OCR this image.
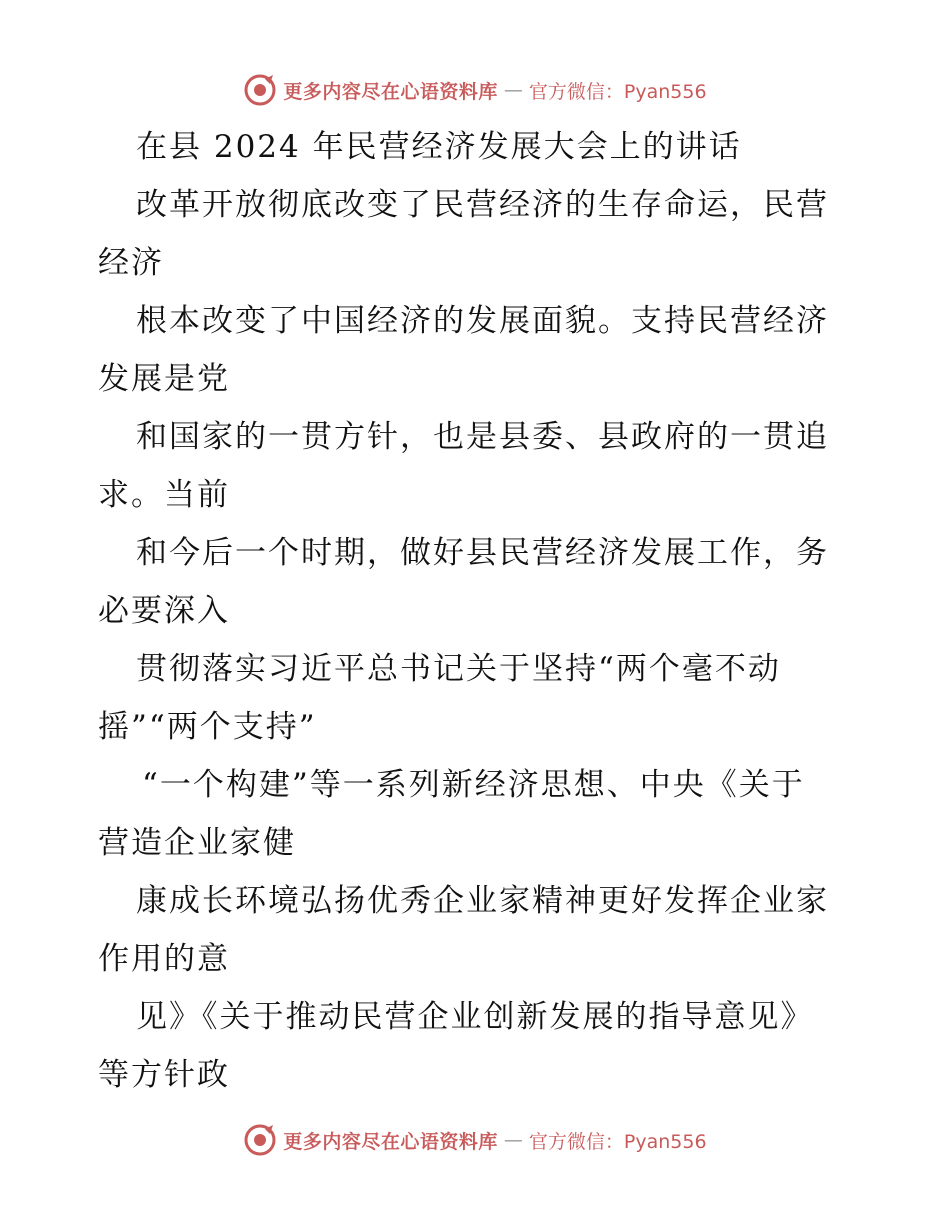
更多内容尽在心语资料库 — 官方微信：Pyan556
在县 2024 年民营经济发展大会上的讲话
改革开放彻底改变了民营经济的生存命运，民营
经济
根本改变了中国经济的发展面貌。支持民营经济
发展是党
和国家的一贯方针，也是县委、县政府的一贯追
求。当前
和今后一个时期，做好县民营经济发展工作，务
必要深入
贯彻落实习近平总书记关于坚持“两个毫不动
摇”“两个支持”
“一个构建”等一系列新经济思想、中央《关于
营造企业家健
康成长环境弘扬优秀企业家精神更好发挥企业家
作用的意
见》《关于推动民营企业创新发展的指导意见》
等方针政
更多内容尽在心语资料库 — 官方微信：Pyan556
